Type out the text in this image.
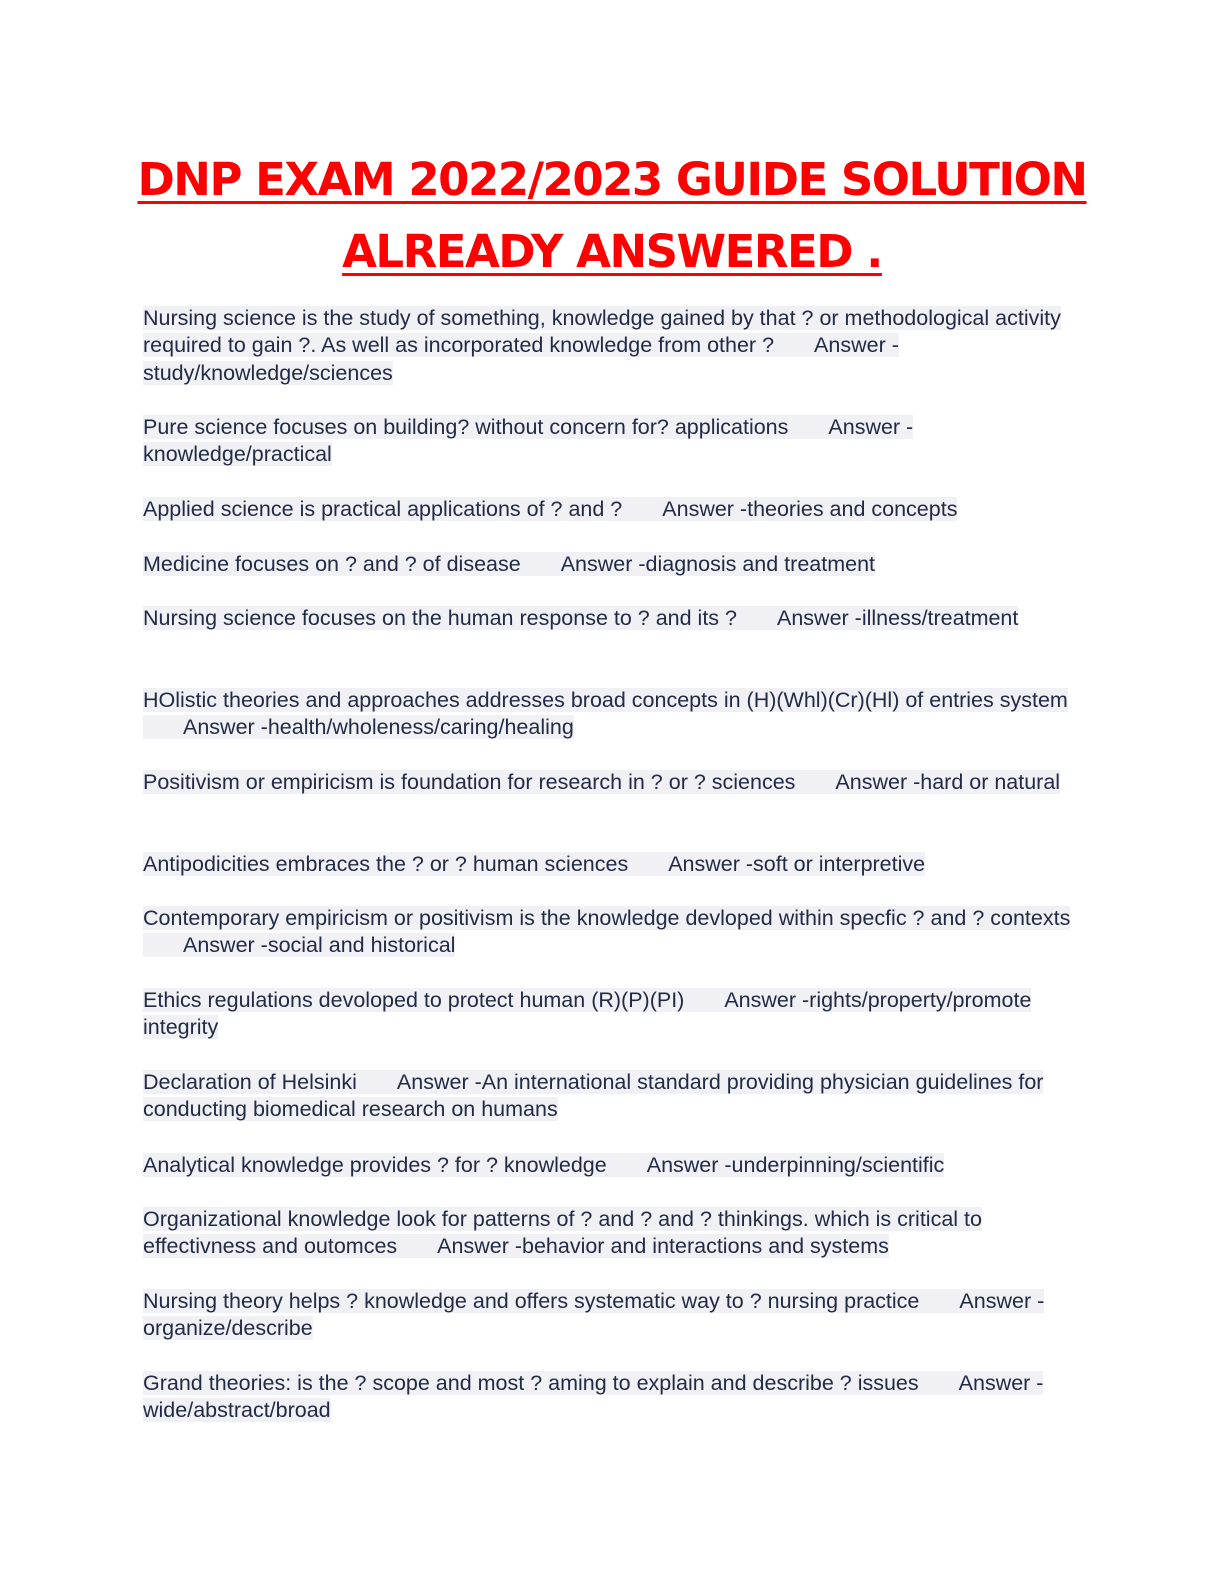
DNP EXAM 2022/2023 GUIDE SOLUTION
ALREADY ANSWERED .

Nursing science is the study of something, knowledge gained by that ? or methodological activity required to gain ?. As well as incorporated knowledge from other ? Answer -study/knowledge/sciences

Pure science focuses on building? without concern for? applications Answer -knowledge/practical

Applied science is practical applications of ? and ? Answer -theories and concepts

Medicine focuses on ? and ? of disease Answer -diagnosis and treatment

Nursing science focuses on the human response to ? and its ? Answer -illness/treatment

HOlistic theories and approaches addresses broad concepts in (H)(Whl)(Cr)(Hl) of entries systemAnswer -health/wholeness/caring/healing

Positivism or empiricism is foundation for research in ? or ? sciences Answer -hard or natural

Antipodicities embraces the ? or ? human sciences Answer -soft or interpretive

Contemporary empiricism or positivism is the knowledge devloped within specfic ? and ? contextsAnswer -social and historical

Ethics regulations devoloped to protect human (R)(P)(PI) Answer -rights/property/promote integrity

Declaration of Helsinki Answer -An international standard providing physician guidelines for conducting biomedical research on humans

Analytical knowledge provides ? for ? knowledge Answer -underpinning/scientific

Organizational knowledge look for patterns of ? and ? and ? thinkings. which is critical to effectivness and outomces Answer -behavior and interactions and systems

Nursing theory helps ? knowledge and offers systematic way to ? nursing practice Answer -organize/describe

Grand theories: is the ? scope and most ? aming to explain and describe ? issues Answer -wide/abstract/broad
